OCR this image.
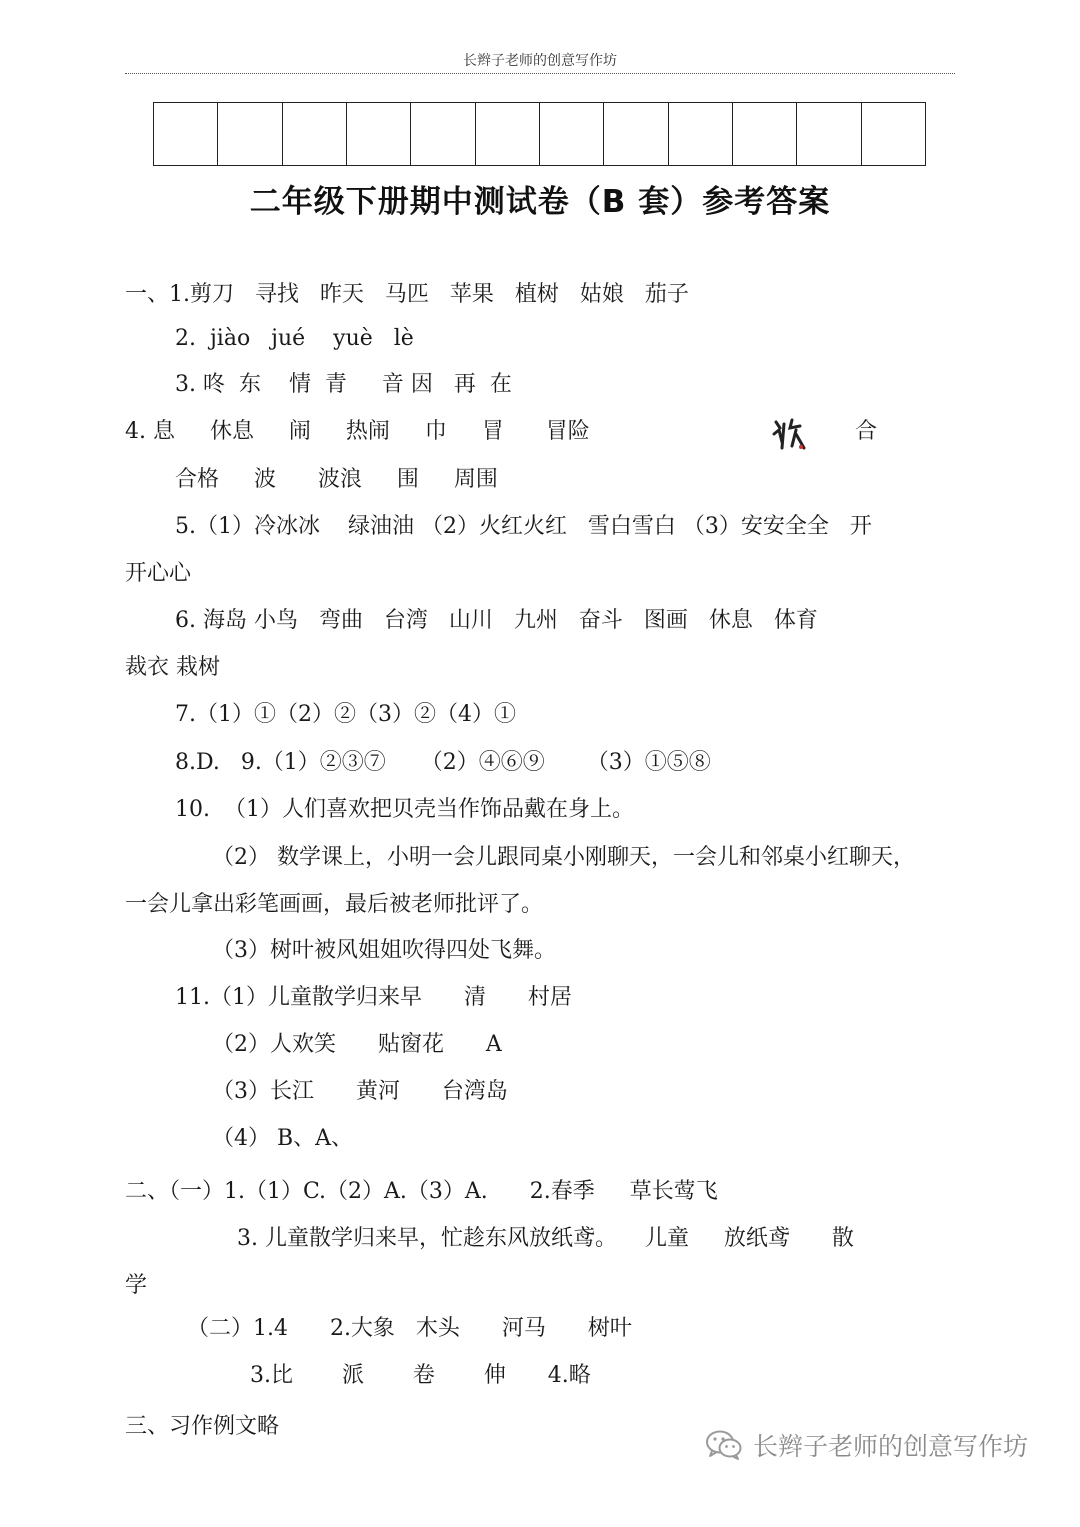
长辫子老师的创意写作坊
二年级下册期中测试卷（B 套）参考答案
一、1.剪刀   寻找   昨天   马匹   苹果   植树   姑娘   茄子
2.  jiào   jué    yuè   lè
3. 咚  东    情  青     音 因   再  在
4. 息     休息     闹     热闹     巾     冒      冒险	合
合格     波      波浪     围     周围
5.（1）冷冰冰    绿油油 （2）火红火红   雪白雪白 （3）安安全全   开
开心心
6. 海岛 小鸟   弯曲   台湾   山川   九州   奋斗   图画   休息   体育
裁衣 栽树
7.（1）①（2）②（3）②（4）①
8.D.   9.（1）②③⑦     （2）④⑥⑨      （3）①⑤⑧
10.  （1）人们喜欢把贝壳当作饰品戴在身上。
（2） 数学课上，小明一会儿跟同桌小刚聊天，一会儿和邻桌小红聊天，
一会儿拿出彩笔画画，最后被老师批评了。
（3）树叶被风姐姐吹得四处飞舞。
11.（1）儿童散学归来早      清      村居
（2）人欢笑      贴窗花      A
（3）长江      黄河      台湾岛
（4） B、A、
二、（一）1.（1）C.（2）A.（3）A.      2.春季     草长莺飞
3. 儿童散学归来早，忙趁东风放纸鸢。    儿童     放纸鸢      散
学
（二）1.4      2.大象   木头      河马      树叶
3.比       派       卷       伸      4.略
三、习作例文略
长辫子老师的创意写作坊
